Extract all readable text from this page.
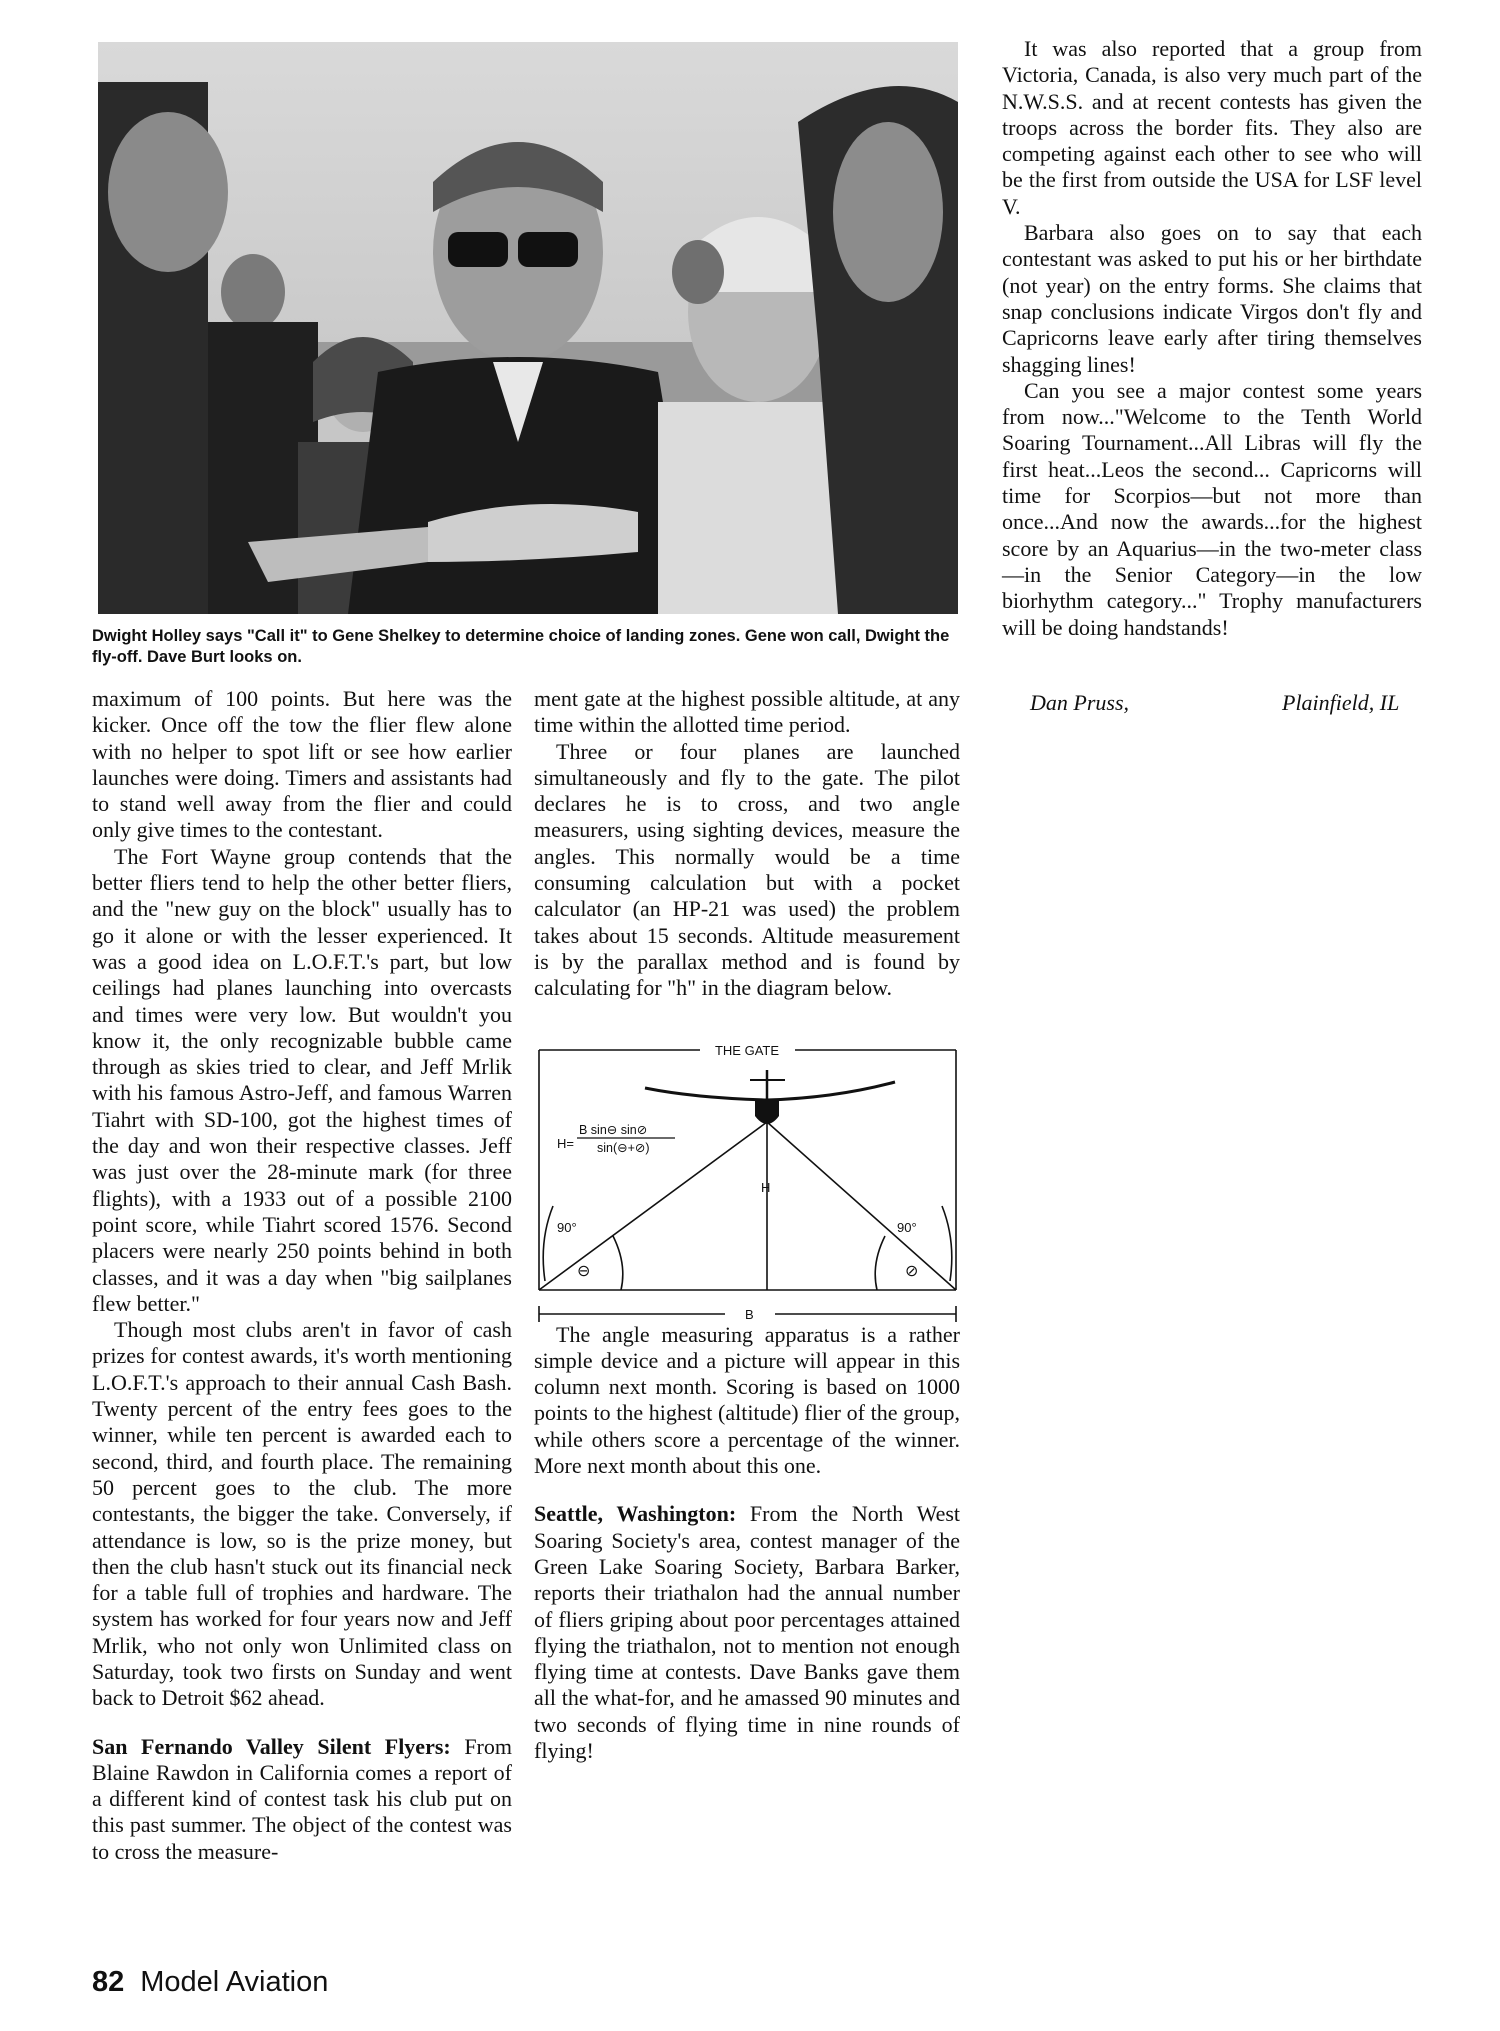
Dwight Holley says "Call it" to Gene Shelkey to determine choice of landing zones. Gene won call, Dwight the fly-off. Dave Burt looks on.

maximum of 100 points. But here was the kicker. Once off the tow the flier flew alone with no helper to spot lift or see how earlier launches were doing. Timers and assistants had to stand well away from the flier and could only give times to the contestant.

The Fort Wayne group contends that the better fliers tend to help the other better fliers, and the "new guy on the block" usually has to go it alone or with the lesser experienced. It was a good idea on L.O.F.T.'s part, but low ceilings had planes launching into overcasts and times were very low. But wouldn't you know it, the only recognizable bubble came through as skies tried to clear, and Jeff Mrlik with his famous Astro-Jeff, and famous Warren Tiahrt with SD-100, got the highest times of the day and won their respective classes. Jeff was just over the 28-minute mark (for three flights), with a 1933 out of a possible 2100 point score, while Tiahrt scored 1576. Second placers were nearly 250 points behind in both classes, and it was a day when "big sailplanes flew better."

Though most clubs aren't in favor of cash prizes for contest awards, it's worth mentioning L.O.F.T.'s approach to their annual Cash Bash. Twenty percent of the entry fees goes to the winner, while ten percent is awarded each to second, third, and fourth place. The remaining 50 percent goes to the club. The more contestants, the bigger the take. Conversely, if attendance is low, so is the prize money, but then the club hasn't stuck out its financial neck for a table full of trophies and hardware. The system has worked for four years now and Jeff Mrlik, who not only won Unlimited class on Saturday, took two firsts on Sunday and went back to Detroit $62 ahead.

San Fernando Valley Silent Flyers: From Blaine Rawdon in California comes a report of a different kind of contest task his club put on this past summer. The object of the contest was to cross the measure-

ment gate at the highest possible altitude, at any time within the allotted time period.

Three or four planes are launched simultaneously and fly to the gate. The pilot declares he is to cross, and two angle measurers, using sighting devices, measure the angles. This normally would be a time consuming calculation but with a pocket calculator (an HP-21 was used) the problem takes about 15 seconds. Altitude measurement is by the parallax method and is found by calculating for "h" in the diagram below.

The angle measuring apparatus is a rather simple device and a picture will appear in this column next month. Scoring is based on 1000 points to the highest (altitude) flier of the group, while others score a percentage of the winner. More next month about this one.

Seattle, Washington: From the North West Soaring Society's area, contest manager of the Green Lake Soaring Society, Barbara Barker, reports their triathalon had the annual number of fliers griping about poor percentages attained flying the triathalon, not to mention not enough flying time at contests. Dave Banks gave them all the what-for, and he amassed 90 minutes and two seconds of flying time in nine rounds of flying!

THE GATE
H=
B sin⊖ sin⊘
sin(⊖+⊘)
H
B
90°	90°
⊖	⊘

It was also reported that a group from Victoria, Canada, is also very much part of the N.W.S.S. and at recent contests has given the troops across the border fits. They also are competing against each other to see who will be the first from outside the USA for LSF level V.

Barbara also goes on to say that each contestant was asked to put his or her birthdate (not year) on the entry forms. She claims that snap conclusions indicate Virgos don't fly and Capricorns leave early after tiring themselves shagging lines!

Can you see a major contest some years from now..."Welcome to the Tenth World Soaring Tournament...All Libras will fly the first heat...Leos the second... Capricorns will time for Scorpios—but not more than once...And now the awards...for the highest score by an Aquarius—in the two-meter class—in the Senior Category—in the low biorhythm category..." Trophy manufacturers will be doing handstands!

Dan Pruss,	Plainfield, IL
82 Model Aviation
